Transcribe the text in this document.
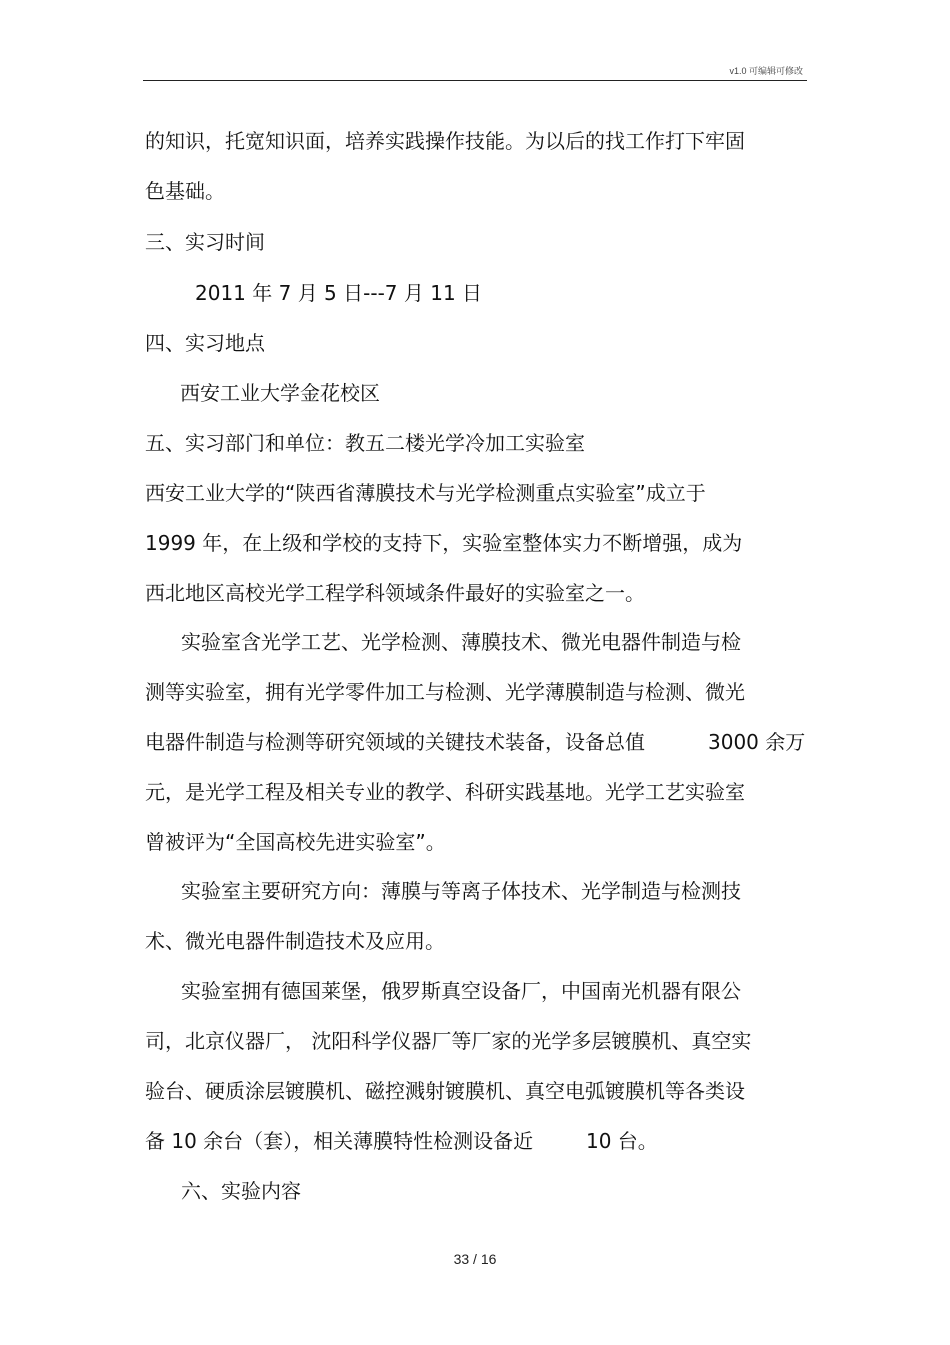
v1.0 可编辑可修改
的知识，托宽知识面，培养实践操作技能。为以后的找工作打下牢固
色基础。
三、实习时间
2011 年 7 月 5 日---7 月 11 日
四、实习地点
西安工业大学金花校区
五、实习部门和单位：教五二楼光学冷加工实验室
西安工业大学的“陕西省薄膜技术与光学检测重点实验室”成立于
1999 年，在上级和学校的支持下，实验室整体实力不断增强，成为
西北地区高校光学工程学科领域条件最好的实验室之一。
实验室含光学工艺、光学检测、薄膜技术、微光电器件制造与检
测等实验室，拥有光学零件加工与检测、光学薄膜制造与检测、微光
电器件制造与检测等研究领域的关键技术装备，设备总值	3000 余万
元，是光学工程及相关专业的教学、科研实践基地。光学工艺实验室
曾被评为“全国高校先进实验室”。
实验室主要研究方向：薄膜与等离子体技术、光学制造与检测技
术、微光电器件制造技术及应用。
实验室拥有德国莱堡，俄罗斯真空设备厂，中国南光机器有限公
司，北京仪器厂， 沈阳科学仪器厂等厂家的光学多层镀膜机、真空实
验台、硬质涂层镀膜机、磁控溅射镀膜机、真空电弧镀膜机等各类设
备 10 余台（套），相关薄膜特性检测设备近	10 台。
六、实验内容
33 / 16
